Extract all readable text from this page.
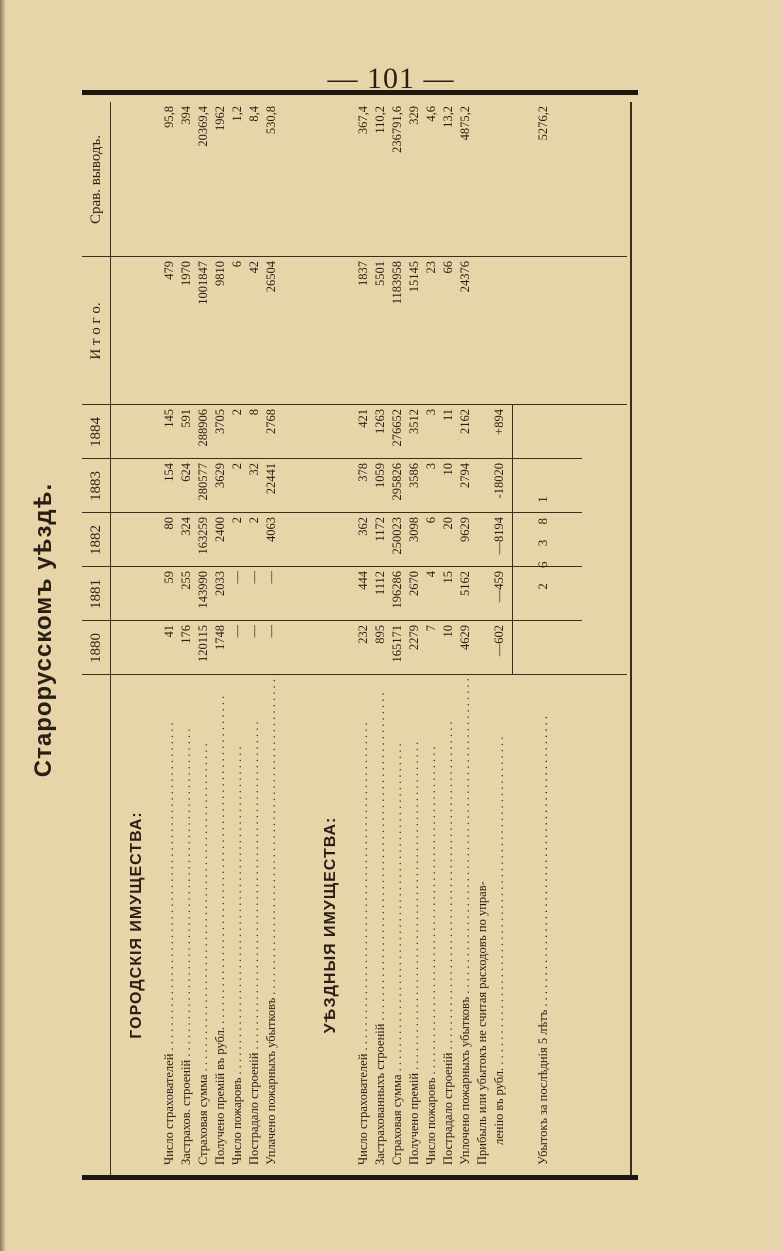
— 101 —
Старорусскомъ уѣздѣ.	1880
1881
1882
1883
1884
И т о г о.
Срав. выводъ.
ГОРОДСКІЯ ИМУЩЕСТВА:
Число страхователей . . .
41
59
80
154
145
479
95,8
Застрахов. строеній . . .
176
255
324
624
591
1970
394
Страховая сумма . . .
120115
143990
163259
280577
288906
1001847
20369,4
Получено премій въ рубл. . . .
1748
2033
2400
3629
3705
9810
1962
Число пожаровъ . . .
—
—
2
2
2
6
1,2
Пострадало строеній . . .
—
—
2
32
8
42
8,4
Уплачено пожарныхъ убытковъ . . .
—
—
4063
22441
2768
26504
530,8
УѢЗДНЫЯ ИМУЩЕСТВА:
Число страхователей . . .
232
444
362
378
421
1837
367,4
Застрахованныхъ строеній . . .
895
1112
1172
1059
1263
5501
110,2
Страховая сумма . . .
165171
196286
250023
295826
276652
1183958
236791,6
Получено премій . . .
2279
2670
3098
3586
3512
15145
329
Число пожаровъ . . .
7
4
6
3
3
23
4,6
Пострадало строеній . . .
10
15
20
10
11
66
13,2
Уплочено пожарныхъ убытковъ . . .
4629
5162
9629
2794
2162
24376
4875,2
Прибыль или убытокъ не считая расходовъ по управ- ленію въ рубл. . . .
—602
—459
—8194
-18020
+894
Убытокъ за послѣднія 5 лѣтъ . . .
2 6 3 8 1
5276,2
